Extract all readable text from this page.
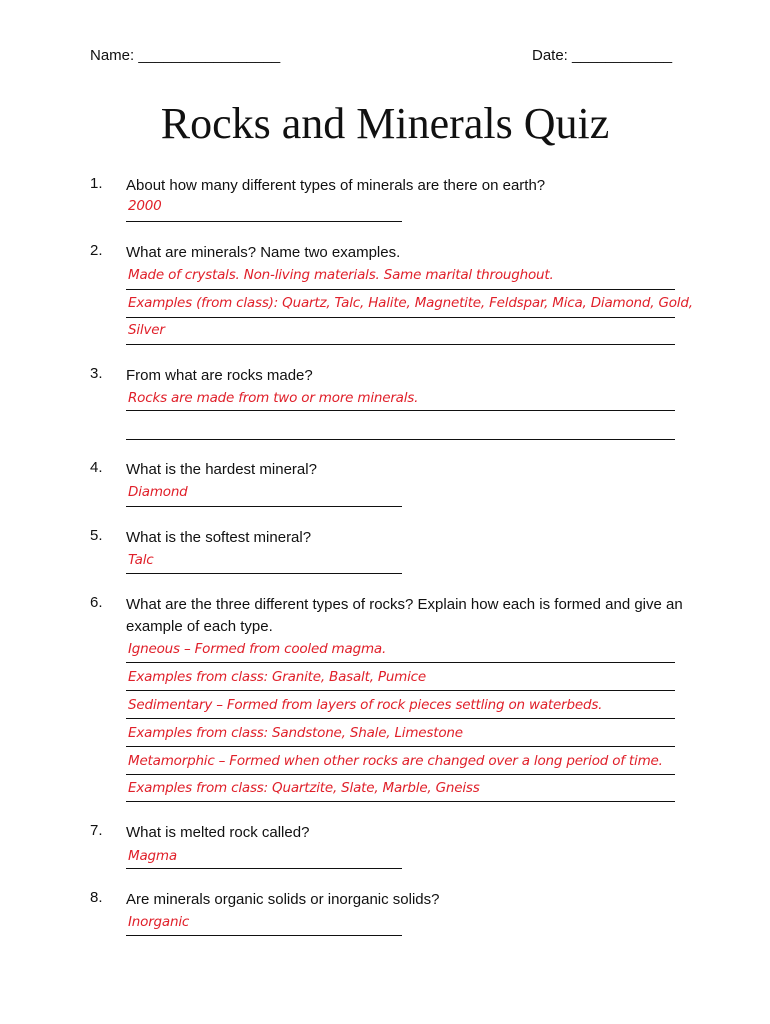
Name: _________________	Date: ____________
Rocks and Minerals Quiz
1. About how many different types of minerals are there on earth?
2000
2. What are minerals? Name two examples.
Made of crystals. Non-living materials. Same marital throughout.
Examples (from class): Quartz, Talc, Halite, Magnetite, Feldspar, Mica, Diamond, Gold,
Silver
3. From what are rocks made?
Rocks are made from two or more minerals.
4. What is the hardest mineral?
Diamond
5. What is the softest mineral?
Talc
6. What are the three different types of rocks? Explain how each is formed and give an example of each type.
Igneous – Formed from cooled magma.
Examples from class: Granite, Basalt, Pumice
Sedimentary – Formed from layers of rock pieces settling on waterbeds.
Examples from class: Sandstone, Shale, Limestone
Metamorphic – Formed when other rocks are changed over a long period of time.
Examples from class: Quartzite, Slate, Marble, Gneiss
7. What is melted rock called?
Magma
8. Are minerals organic solids or inorganic solids?
Inorganic
